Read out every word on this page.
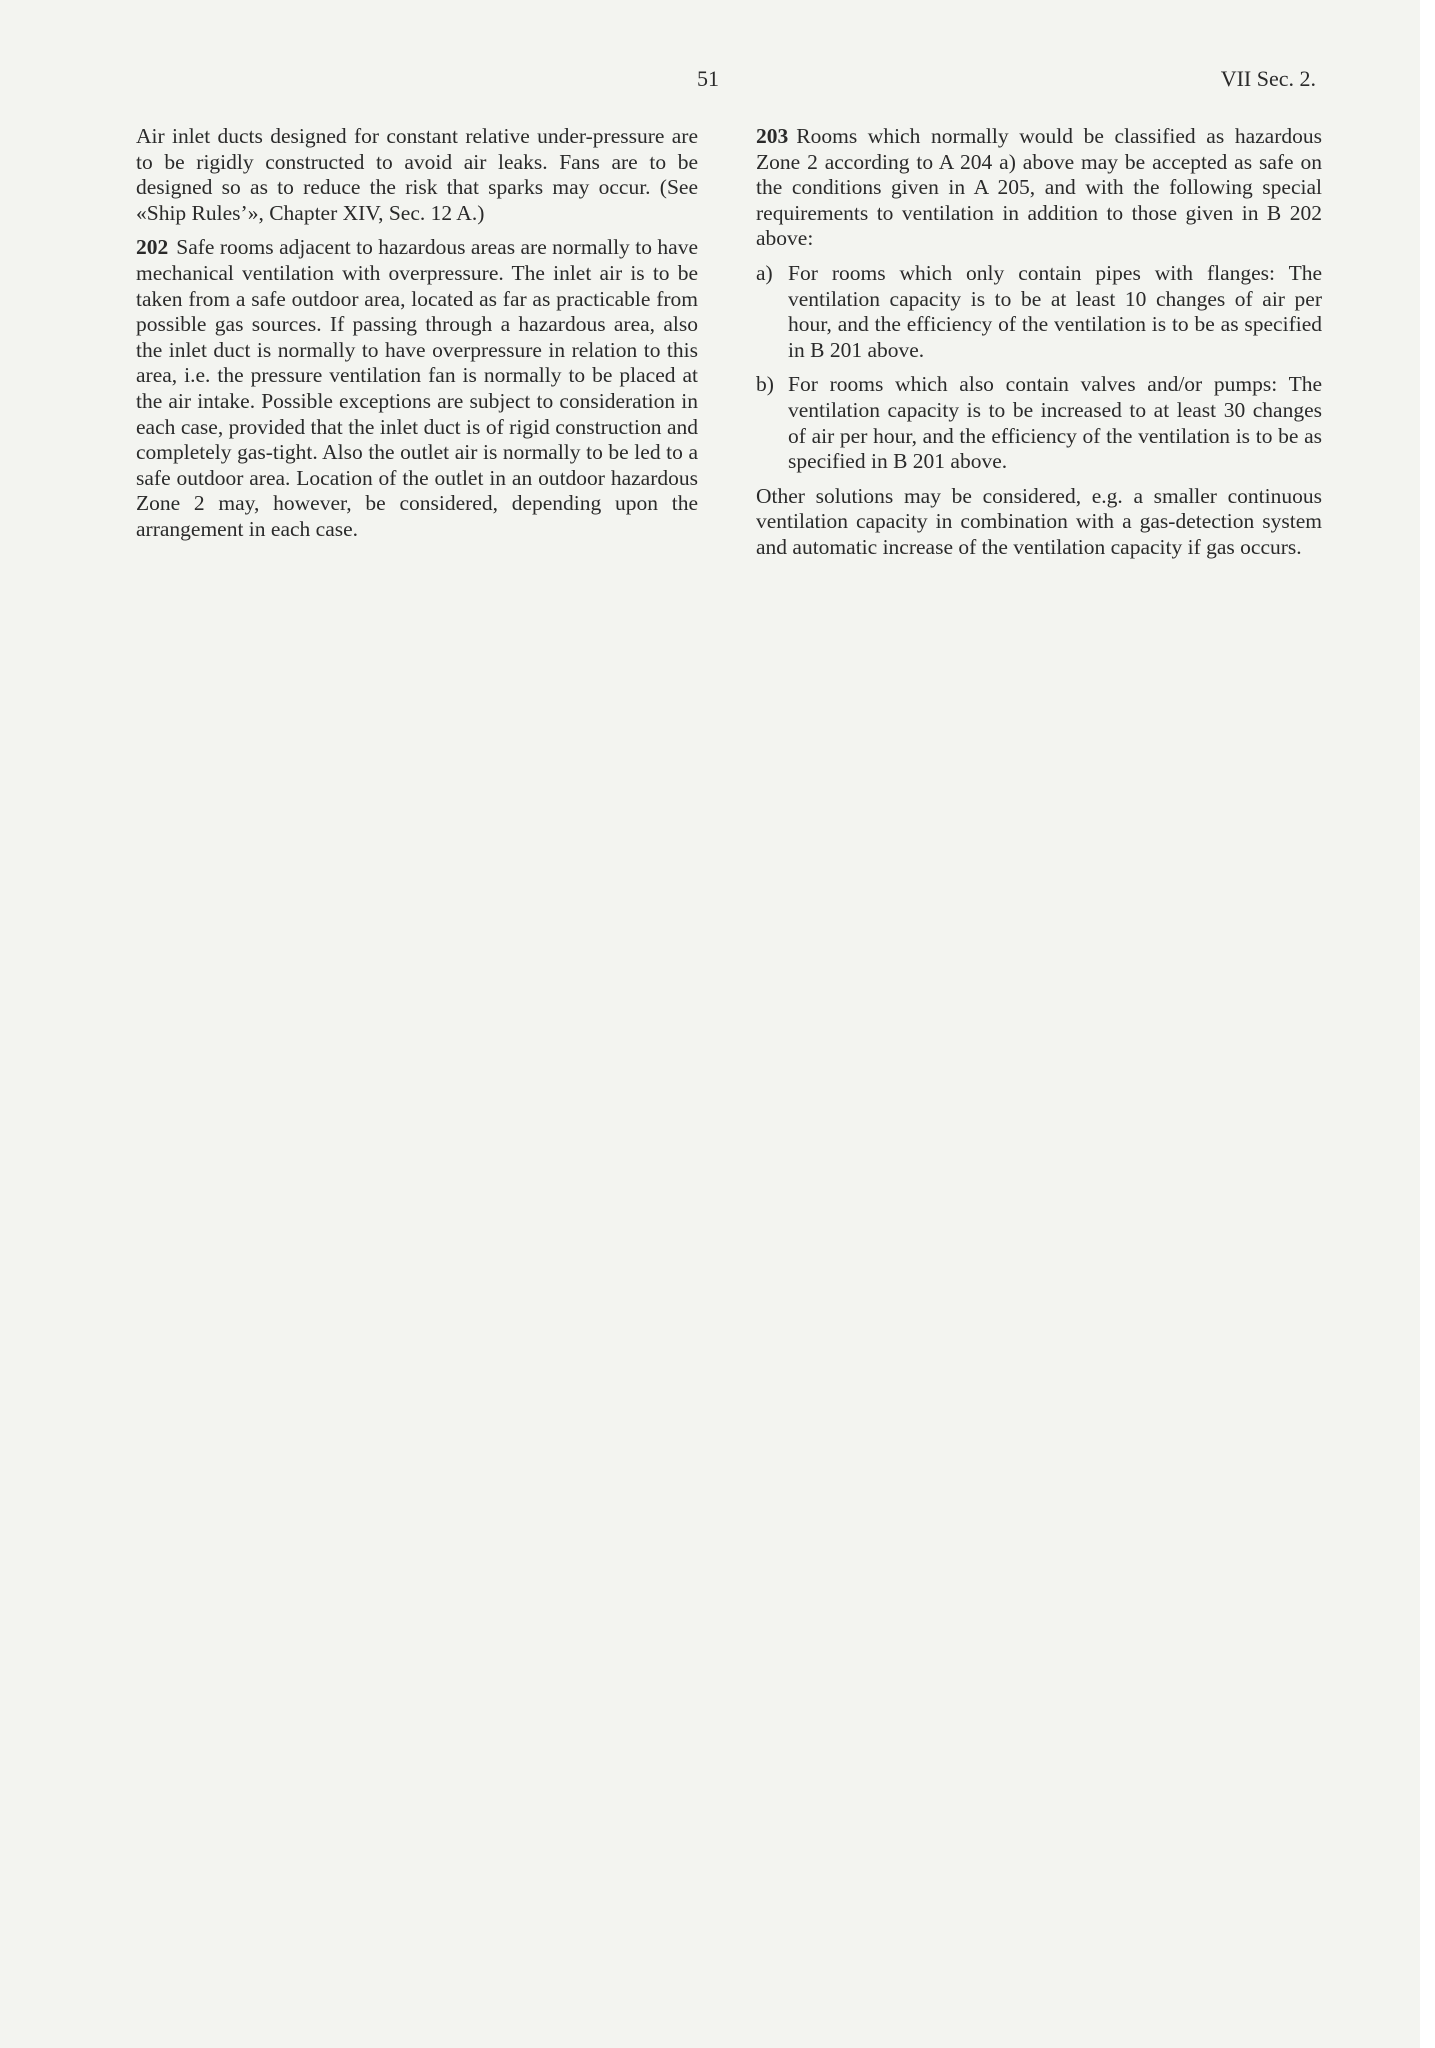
51	VII Sec. 2.

Air inlet ducts designed for constant relative under-pressure are to be rigidly constructed to avoid air leaks. Fans are to be designed so as to reduce the risk that sparks may occur. (See «Ship Rules’», Chapter XIV, Sec. 12 A.)

202 Safe rooms adjacent to hazardous areas are normally to have mechanical ventilation with overpressure. The inlet air is to be taken from a safe outdoor area, located as far as practicable from possible gas sources. If passing through a hazardous area, also the inlet duct is normally to have overpressure in relation to this area, i.e. the pressure ventilation fan is normally to be placed at the air intake. Possible exceptions are subject to consideration in each case, provided that the inlet duct is of rigid construction and completely gas-tight. Also the outlet air is normally to be led to a safe outdoor area. Location of the outlet in an outdoor hazardous Zone 2 may, however, be considered, depending upon the arrangement in each case.

203 Rooms which normally would be classified as hazardous Zone 2 according to A 204 a) above may be accepted as safe on the conditions given in A 205, and with the following special requirements to ventilation in addition to those given in B 202 above:

a) For rooms which only contain pipes with flanges: The ventilation capacity is to be at least 10 changes of air per hour, and the efficiency of the ventilation is to be as specified in B 201 above.
b) For rooms which also contain valves and/or pumps: The ventilation capacity is to be increased to at least 30 changes of air per hour, and the efficiency of the ventilation is to be as specified in B 201 above.

Other solutions may be considered, e.g. a smaller continuous ventilation capacity in combination with a gas-detection system and automatic increase of the ventilation capacity if gas occurs.
